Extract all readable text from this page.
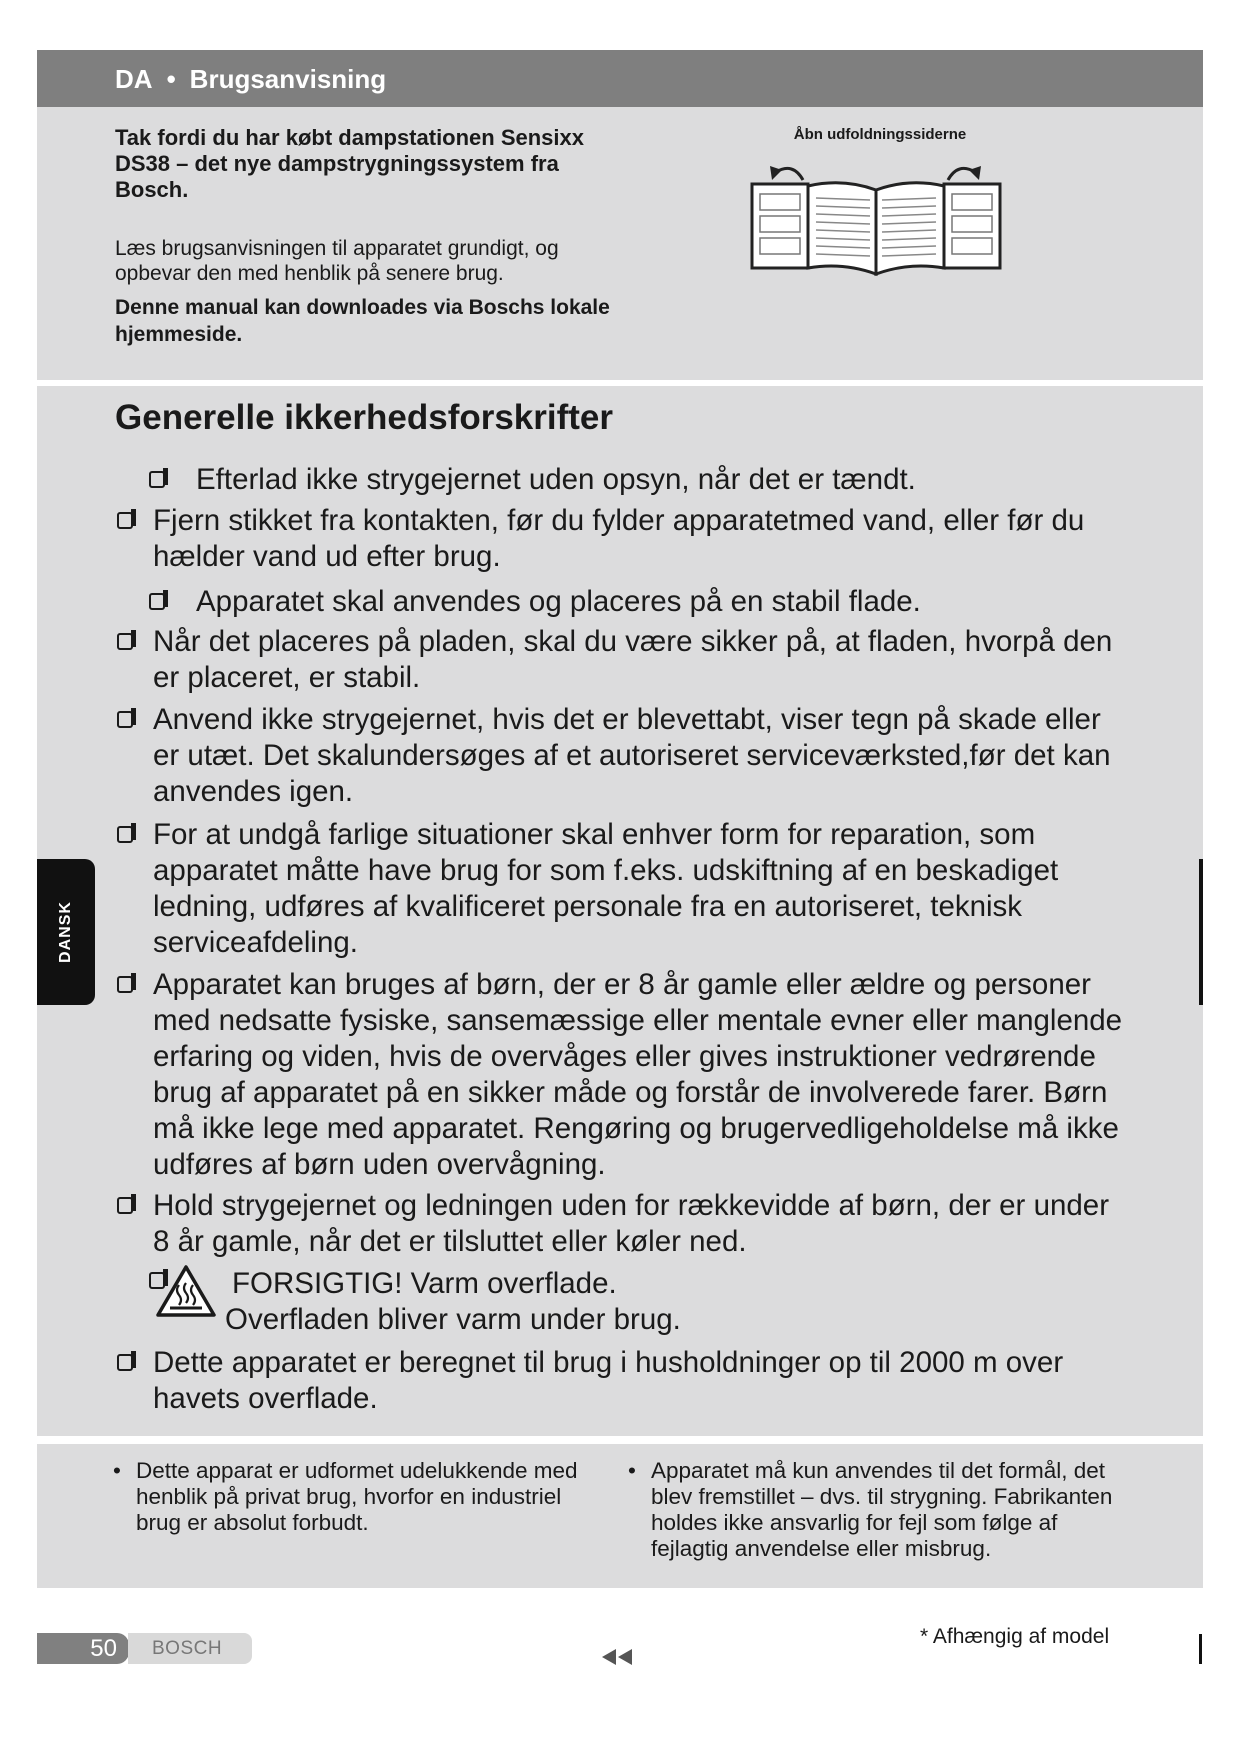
DA • Brugsanvisning
Tak fordi du har købt dampstationen Sensixx DS38 – det nye dampstrygningssystem fra Bosch.
Læs brugsanvisningen til apparatet grundigt, og opbevar den med henblik på senere brug.
Denne manual kan downloades via Boschs lokale hjemmeside.
Åbn udfoldningssiderne
Generelle ikkerhedsforskrifter
Efterlad ikke strygejernet uden opsyn, når det er tændt.
Fjern stikket fra kontakten, før du fylder apparatetmed vand, eller før du hælder vand ud efter brug.
Apparatet skal anvendes og placeres på en stabil flade.
Når det placeres på pladen, skal du være sikker på, at fladen, hvorpå den er placeret, er stabil.
Anvend ikke strygejernet, hvis det er blevettabt, viser tegn på skade eller er utæt. Det skalundersøges af et autoriseret serviceværksted,før det kan anvendes igen.
For at undgå farlige situationer skal enhver form for reparation, som apparatet måtte have brug for som f.eks. udskiftning af en beskadiget ledning, udføres af kvalificeret personale fra en autoriseret, teknisk serviceafdeling.
Apparatet kan bruges af børn, der er 8 år gamle eller ældre og personer med nedsatte fysiske, sansemæssige eller mentale evner eller manglende erfaring og viden, hvis de overvåges eller gives instruktioner vedrørende brug af apparatet på en sikker måde og forstår de involverede farer. Børn må ikke lege med apparatet. Rengøring og brugervedligeholdelse må ikke udføres af børn uden overvågning.
Hold strygejernet og ledningen uden for rækkevidde af børn, der er under 8 år gamle, når det er tilsluttet eller køler ned.
FORSIGTIG! Varm overflade.
Overfladen bliver varm under brug.
Dette apparatet er beregnet til brug i husholdninger op til 2000 m over havets overflade.
DANSK
• Dette apparat er udformet udelukkende med henblik på privat brug, hvorfor en industriel brug er absolut forbudt.
• Apparatet må kun anvendes til det formål, det blev fremstillet – dvs. til strygning. Fabrikanten holdes ikke ansvarlig for fejl som følge af fejlagtig anvendelse eller misbrug.
* Afhængig af model
50 BOSCH
